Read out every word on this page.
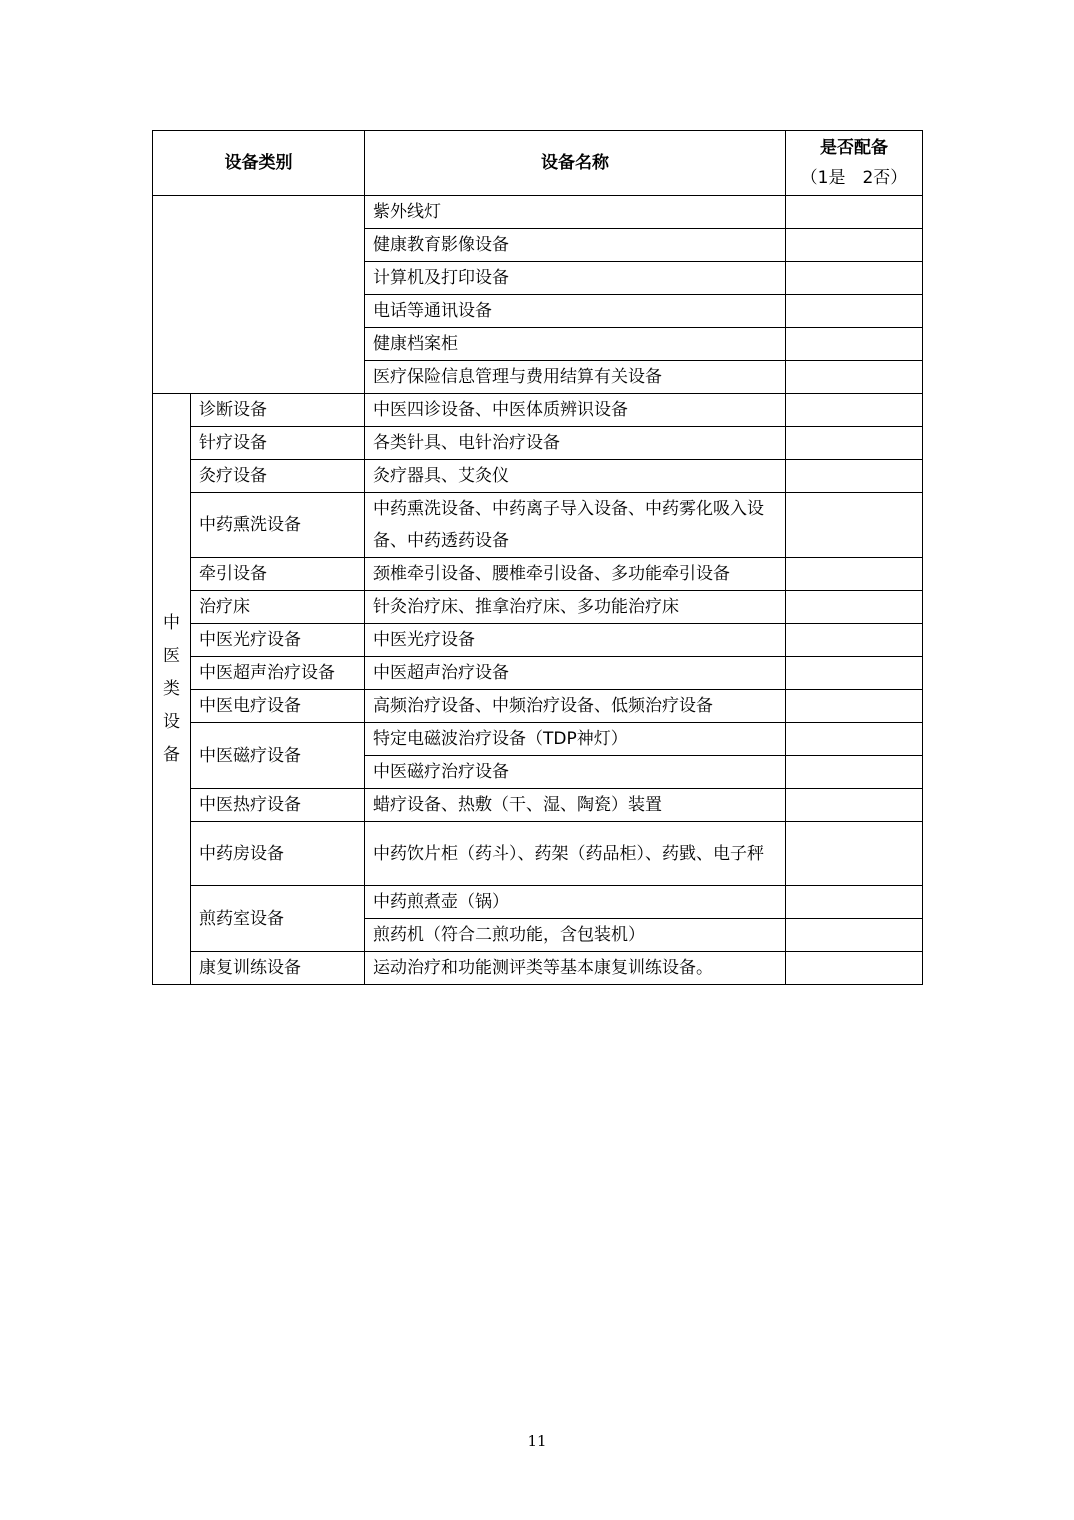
设备类别		设备名称	是否配备
（1是　2否）

		紫外线灯	
		健康教育影像设备	
		计算机及打印设备	
		电话等通讯设备	
		健康档案柜	
		医疗保险信息管理与费用结算有关设备	

中
医
类
设
备	诊断设备	中医四诊设备、中医体质辨识设备	
	针疗设备	各类针具、电针治疗设备	
	灸疗设备	灸疗器具、艾灸仪	
	中药熏洗设备	中药熏洗设备、中药离子导入设备、中药雾化吸入设备、中药透药设备	
	牵引设备	颈椎牵引设备、腰椎牵引设备、多功能牵引设备	
	治疗床	针灸治疗床、推拿治疗床、多功能治疗床	
	中医光疗设备	中医光疗设备	
	中医超声治疗设备	中医超声治疗设备	
	中医电疗设备	高频治疗设备、中频治疗设备、低频治疗设备	
	中医磁疗设备	特定电磁波治疗设备（TDP神灯）	
		中医磁疗治疗设备	
	中医热疗设备	蜡疗设备、热敷（干、湿、陶瓷）装置	
	中药房设备	中药饮片柜（药斗）、药架（药品柜）、药戥、电子秤	
	煎药室设备	中药煎煮壶（锅）	
		煎药机（符合二煎功能，含包装机）	
	康复训练设备	运动治疗和功能测评类等基本康复训练设备。	
11
